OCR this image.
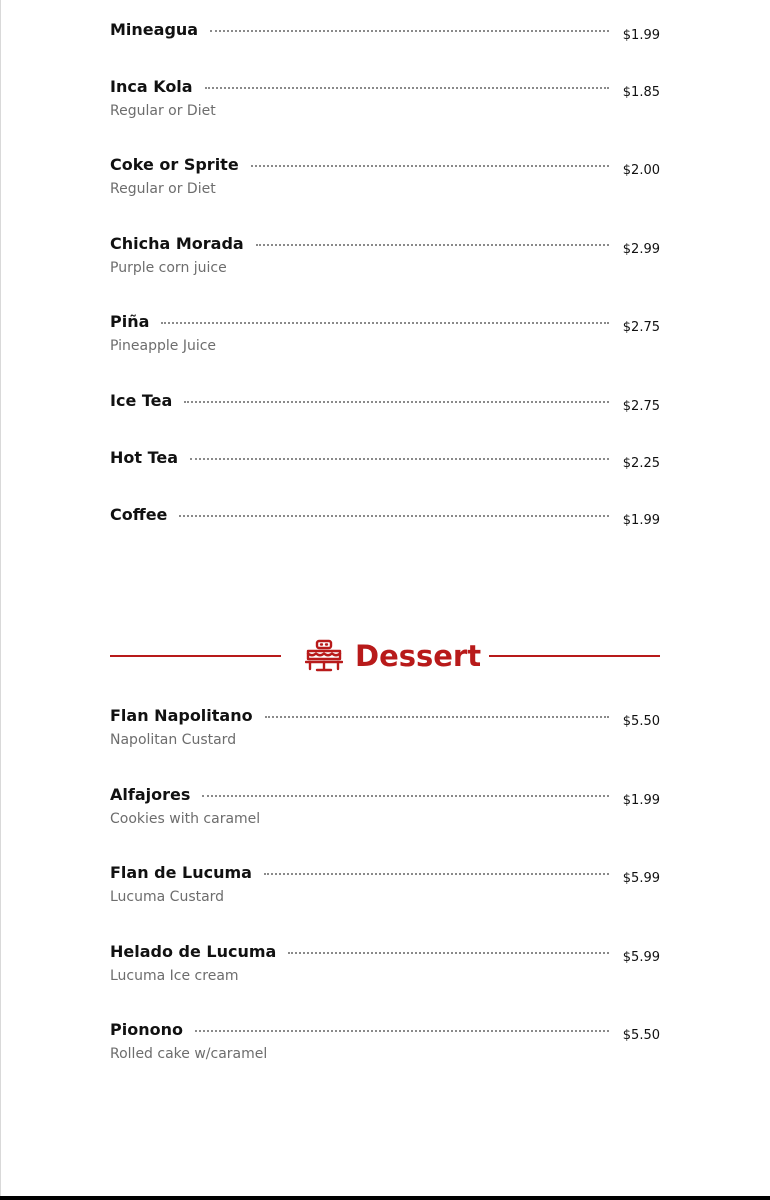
Mineagua	$1.99
Inca Kola	$1.85
Regular or Diet
Coke or Sprite	$2.00
Regular or Diet
Chicha Morada	$2.99
Purple corn juice
Piña	$2.75
Pineapple Juice
Ice Tea	$2.75
Hot Tea	$2.25
Coffee	$1.99
Dessert
Flan Napolitano	$5.50
Napolitan Custard
Alfajores	$1.99
Cookies with caramel
Flan de Lucuma	$5.99
Lucuma Custard
Helado de Lucuma	$5.99
Lucuma Ice cream
Pionono	$5.50
Rolled cake w/caramel
